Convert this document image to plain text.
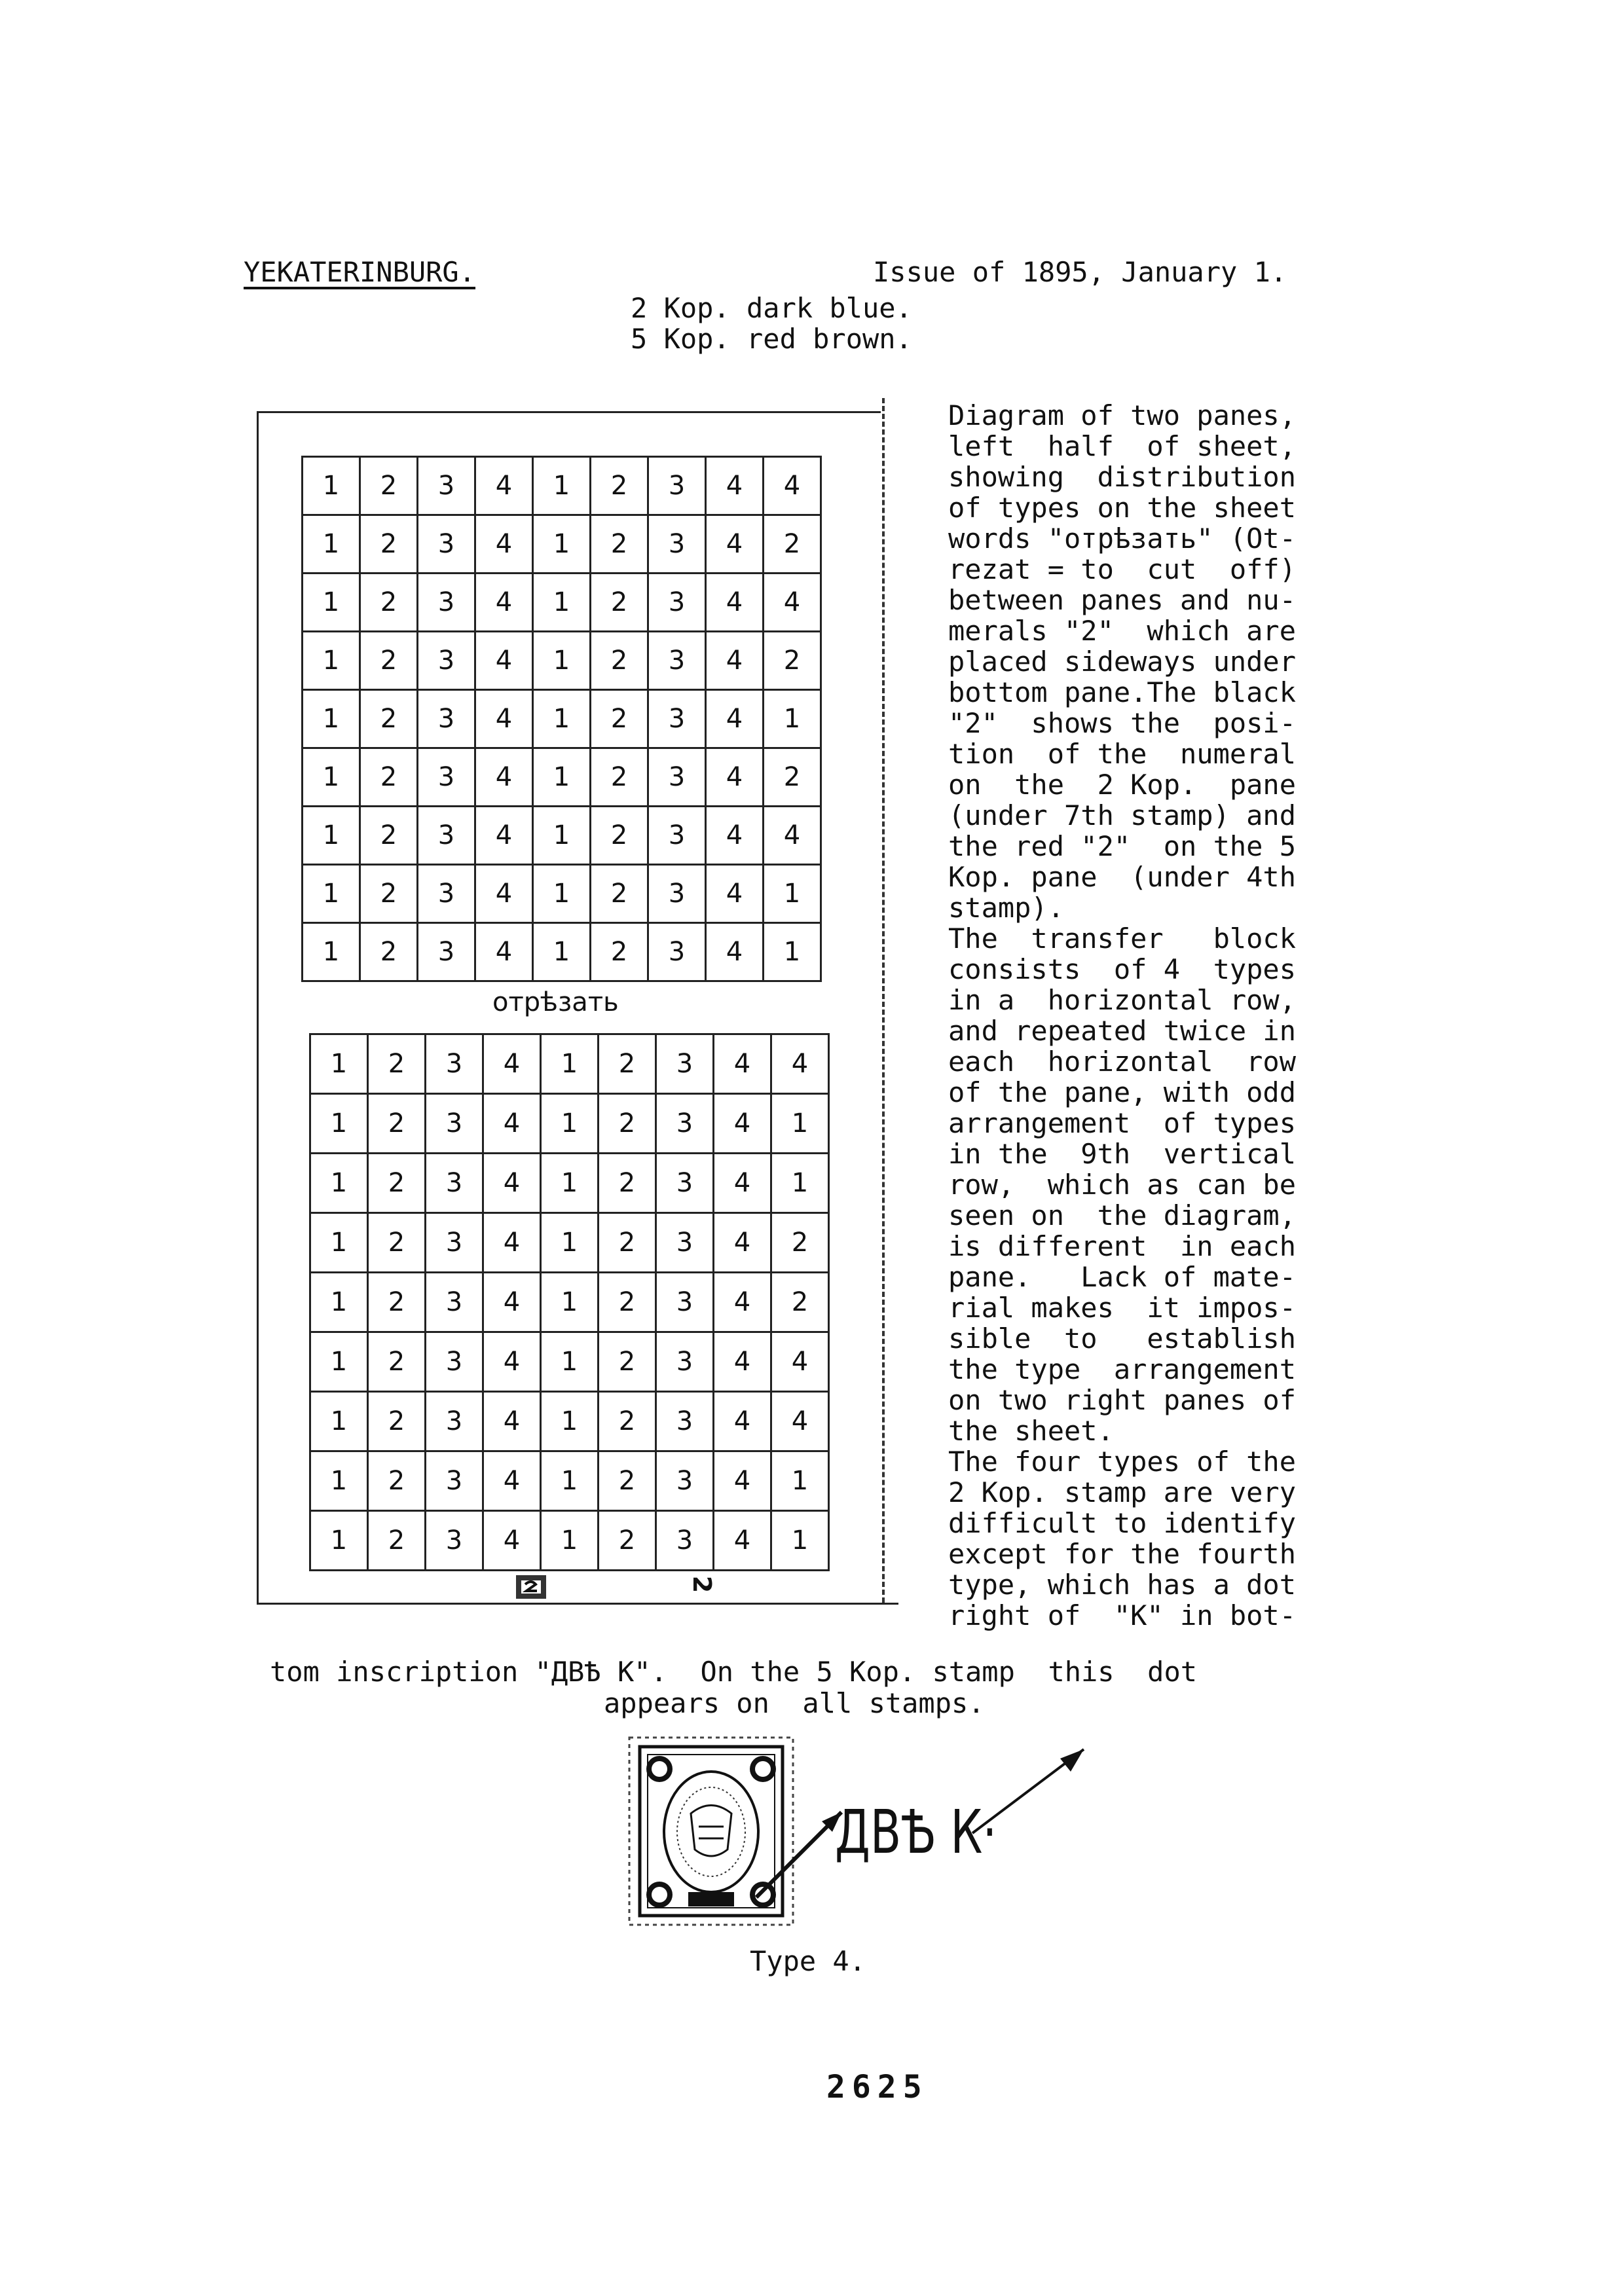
YEKATERINBURG.	Issue of 1895, January 1.
2 Kop. dark blue.
5 Kop. red brown.
1	2	3	4	1	2	3	4	4
1	2	3	4	1	2	3	4	2
1	2	3	4	1	2	3	4	4
1	2	3	4	1	2	3	4	2
1	2	3	4	1	2	3	4	1
1	2	3	4	1	2	3	4	2
1	2	3	4	1	2	3	4	4
1	2	3	4	1	2	3	4	1
1	2	3	4	1	2	3	4	1
отрѣзать
1	2	3	4	1	2	3	4	4
1	2	3	4	1	2	3	4	1
1	2	3	4	1	2	3	4	1
1	2	3	4	1	2	3	4	2
1	2	3	4	1	2	3	4	2
1	2	3	4	1	2	3	4	4
1	2	3	4	1	2	3	4	4
1	2	3	4	1	2	3	4	1
1	2	3	4	1	2	3	4	1
2
Diagram of two panes,
left  half  of sheet,
showing  distribution
of types on the sheet
words "отрѣзать" (Ot-
rezat = to  cut  off)
between panes and nu-
merals "2"  which are
placed sideways under
bottom pane.The black
"2"  shows the  posi-
tion  of the  numeral
on  the  2 Kop.  pane
(under 7th stamp) and
the red "2"  on the 5
Kop. pane  (under 4th
stamp).
The  transfer   block
consists  of 4  types
in a  horizontal row,
and repeated twice in
each  horizontal  row
of the pane, with odd
arrangement  of types
in the  9th  vertical
row,  which as can be
seen on  the diagram,
is different  in each
pane.   Lack of mate-
rial makes  it impos-
sible  to   establish
the type  arrangement
on two right panes of
the sheet.
The four types of the
2 Kop. stamp are very
difficult to identify
except for the fourth
type, which has a dot
right of  "K" in bot-
tom inscription "ДВѢ K".  On the 5 Kop. stamp  this  dot
appears on  all stamps.
ДВѢ К·
Type 4.
2625
